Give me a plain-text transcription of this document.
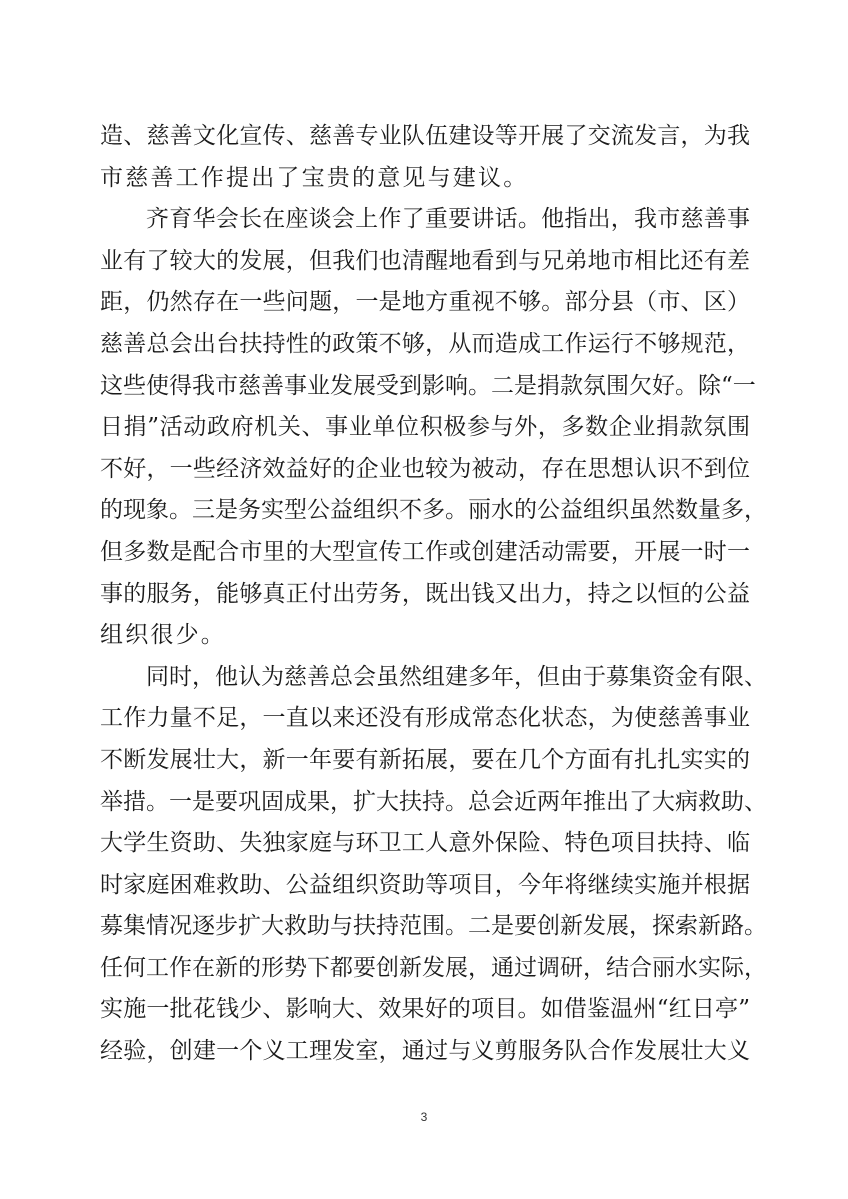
造、慈善文化宣传、慈善专业队伍建设等开展了交流发言，为我
市慈善工作提出了宝贵的意见与建议。
齐育华会长在座谈会上作了重要讲话。他指出，我市慈善事
业有了较大的发展，但我们也清醒地看到与兄弟地市相比还有差
距，仍然存在一些问题，一是地方重视不够。部分县（市、区）
慈善总会出台扶持性的政策不够，从而造成工作运行不够规范，
这些使得我市慈善事业发展受到影响。二是捐款氛围欠好。除“一
日捐”活动政府机关、事业单位积极参与外，多数企业捐款氛围
不好，一些经济效益好的企业也较为被动，存在思想认识不到位
的现象。三是务实型公益组织不多。丽水的公益组织虽然数量多，
但多数是配合市里的大型宣传工作或创建活动需要，开展一时一
事的服务，能够真正付出劳务，既出钱又出力，持之以恒的公益
组织很少。
同时，他认为慈善总会虽然组建多年，但由于募集资金有限、
工作力量不足，一直以来还没有形成常态化状态，为使慈善事业
不断发展壮大，新一年要有新拓展，要在几个方面有扎扎实实的
举措。一是要巩固成果，扩大扶持。总会近两年推出了大病救助、
大学生资助、失独家庭与环卫工人意外保险、特色项目扶持、临
时家庭困难救助、公益组织资助等项目，今年将继续实施并根据
募集情况逐步扩大救助与扶持范围。二是要创新发展，探索新路。
任何工作在新的形势下都要创新发展，通过调研，结合丽水实际，
实施一批花钱少、影响大、效果好的项目。如借鉴温州“红日亭”
经验，创建一个义工理发室，通过与义剪服务队合作发展壮大义
3
